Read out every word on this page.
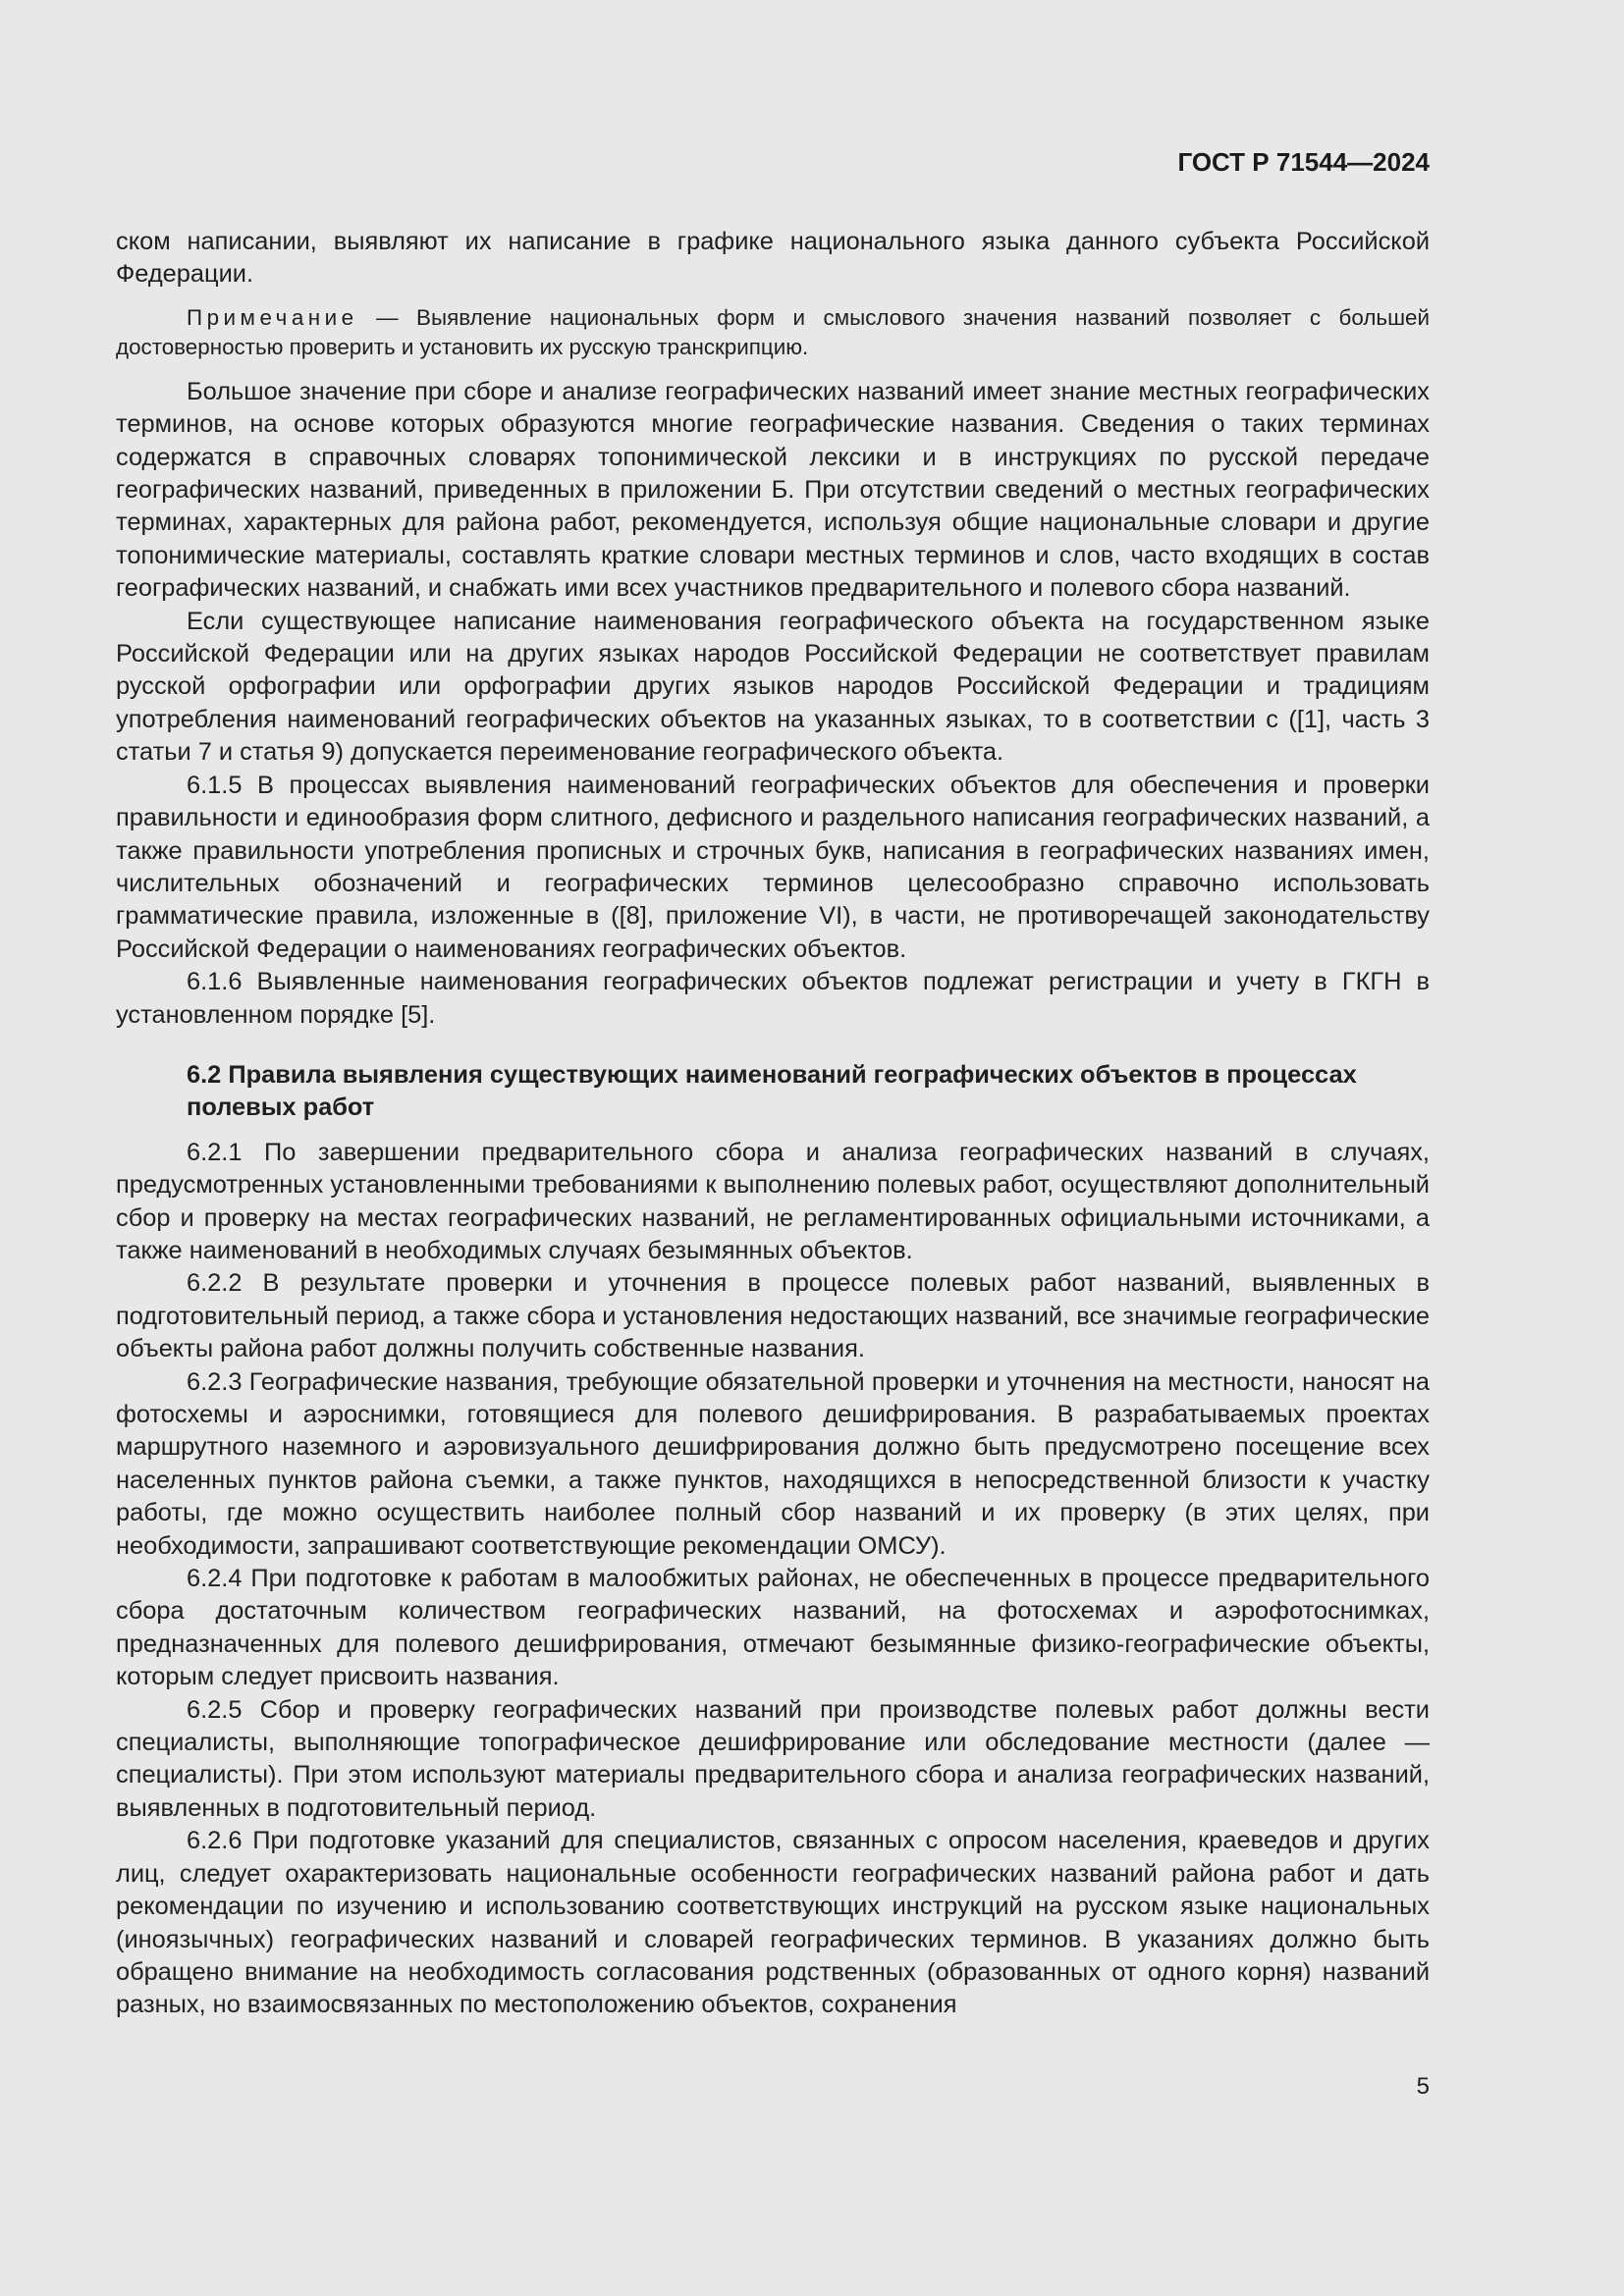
ГОСТ Р 71544—2024

ском написании, выявляют их написание в графике национального языка данного субъекта Российской Федерации.

Примечание — Выявление национальных форм и смыслового значения названий позволяет с большей достоверностью проверить и установить их русскую транскрипцию.

Большое значение при сборе и анализе географических названий имеет знание местных географических терминов, на основе которых образуются многие географические названия. Сведения о таких терминах содержатся в справочных словарях топонимической лексики и в инструкциях по русской передаче географических названий, приведенных в приложении Б. При отсутствии сведений о местных географических терминах, характерных для района работ, рекомендуется, используя общие национальные словари и другие топонимические материалы, составлять краткие словари местных терминов и слов, часто входящих в состав географических названий, и снабжать ими всех участников предварительного и полевого сбора названий.

Если существующее написание наименования географического объекта на государственном языке Российской Федерации или на других языках народов Российской Федерации не соответствует правилам русской орфографии или орфографии других языков народов Российской Федерации и традициям употребления наименований географических объектов на указанных языках, то в соответствии с ([1], часть 3 статьи 7 и статья 9) допускается переименование географического объекта.

6.1.5 В процессах выявления наименований географических объектов для обеспечения и проверки правильности и единообразия форм слитного, дефисного и раздельного написания географических названий, а также правильности употребления прописных и строчных букв, написания в географических названиях имен, числительных обозначений и географических терминов целесообразно справочно использовать грамматические правила, изложенные в ([8], приложение VI), в части, не противоречащей законодательству Российской Федерации о наименованиях географических объектов.

6.1.6 Выявленные наименования географических объектов подлежат регистрации и учету в ГКГН в установленном порядке [5].

6.2 Правила выявления существующих наименований географических объектов в процессах полевых работ

6.2.1 По завершении предварительного сбора и анализа географических названий в случаях, предусмотренных установленными требованиями к выполнению полевых работ, осуществляют дополнительный сбор и проверку на местах географических названий, не регламентированных официальными источниками, а также наименований в необходимых случаях безымянных объектов.

6.2.2 В результате проверки и уточнения в процессе полевых работ названий, выявленных в подготовительный период, а также сбора и установления недостающих названий, все значимые географические объекты района работ должны получить собственные названия.

6.2.3 Географические названия, требующие обязательной проверки и уточнения на местности, наносят на фотосхемы и аэроснимки, готовящиеся для полевого дешифрирования. В разрабатываемых проектах маршрутного наземного и аэровизуального дешифрирования должно быть предусмотрено посещение всех населенных пунктов района съемки, а также пунктов, находящихся в непосредственной близости к участку работы, где можно осуществить наиболее полный сбор названий и их проверку (в этих целях, при необходимости, запрашивают соответствующие рекомендации ОМСУ).

6.2.4 При подготовке к работам в малообжитых районах, не обеспеченных в процессе предварительного сбора достаточным количеством географических названий, на фотосхемах и аэрофотоснимках, предназначенных для полевого дешифрирования, отмечают безымянные физико-географические объекты, которым следует присвоить названия.

6.2.5 Сбор и проверку географических названий при производстве полевых работ должны вести специалисты, выполняющие топографическое дешифрирование или обследование местности (далее — специалисты). При этом используют материалы предварительного сбора и анализа географических названий, выявленных в подготовительный период.

6.2.6 При подготовке указаний для специалистов, связанных с опросом населения, краеведов и других лиц, следует охарактеризовать национальные особенности географических названий района работ и дать рекомендации по изучению и использованию соответствующих инструкций на русском языке национальных (иноязычных) географических названий и словарей географических терминов. В указаниях должно быть обращено внимание на необходимость согласования родственных (образованных от одного корня) названий разных, но взаимосвязанных по местоположению объектов, сохранения

5
